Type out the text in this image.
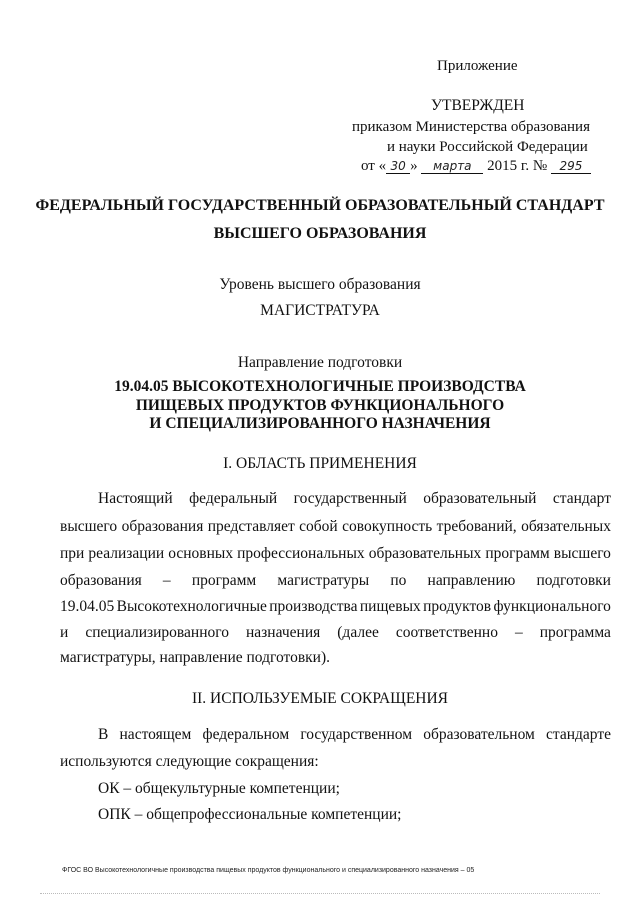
Приложение
УТВЕРЖДЕН
приказом Министерства образования
и науки Российской Федерации
от « 30 » марта 2015 г. № 295
ФЕДЕРАЛЬНЫЙ ГОСУДАРСТВЕННЫЙ ОБРАЗОВАТЕЛЬНЫЙ СТАНДАРТ
ВЫСШЕГО ОБРАЗОВАНИЯ
Уровень высшего образования
МАГИСТРАТУРА
Направление подготовки
19.04.05 ВЫСОКОТЕХНОЛОГИЧНЫЕ ПРОИЗВОДСТВА
ПИЩЕВЫХ ПРОДУКТОВ ФУНКЦИОНАЛЬНОГО
И СПЕЦИАЛИЗИРОВАННОГО НАЗНАЧЕНИЯ
I. ОБЛАСТЬ ПРИМЕНЕНИЯ
Настоящий федеральный государственный образовательный стандарт
высшего образования представляет собой совокупность требований, обязательных
при реализации основных профессиональных образовательных программ высшего
образования – программ магистратуры по направлению подготовки
19.04.05 Высокотехнологичные производства пищевых продуктов функционального
и специализированного назначения (далее соответственно – программа
магистратуры, направление подготовки).
II. ИСПОЛЬЗУЕМЫЕ СОКРАЩЕНИЯ
В настоящем федеральном государственном образовательном стандарте
используются следующие сокращения:
ОК – общекультурные компетенции;
ОПК – общепрофессиональные компетенции;
ФГОС ВО Высокотехнологичные производства пищевых продуктов функционального и специализированного назначения – 05
